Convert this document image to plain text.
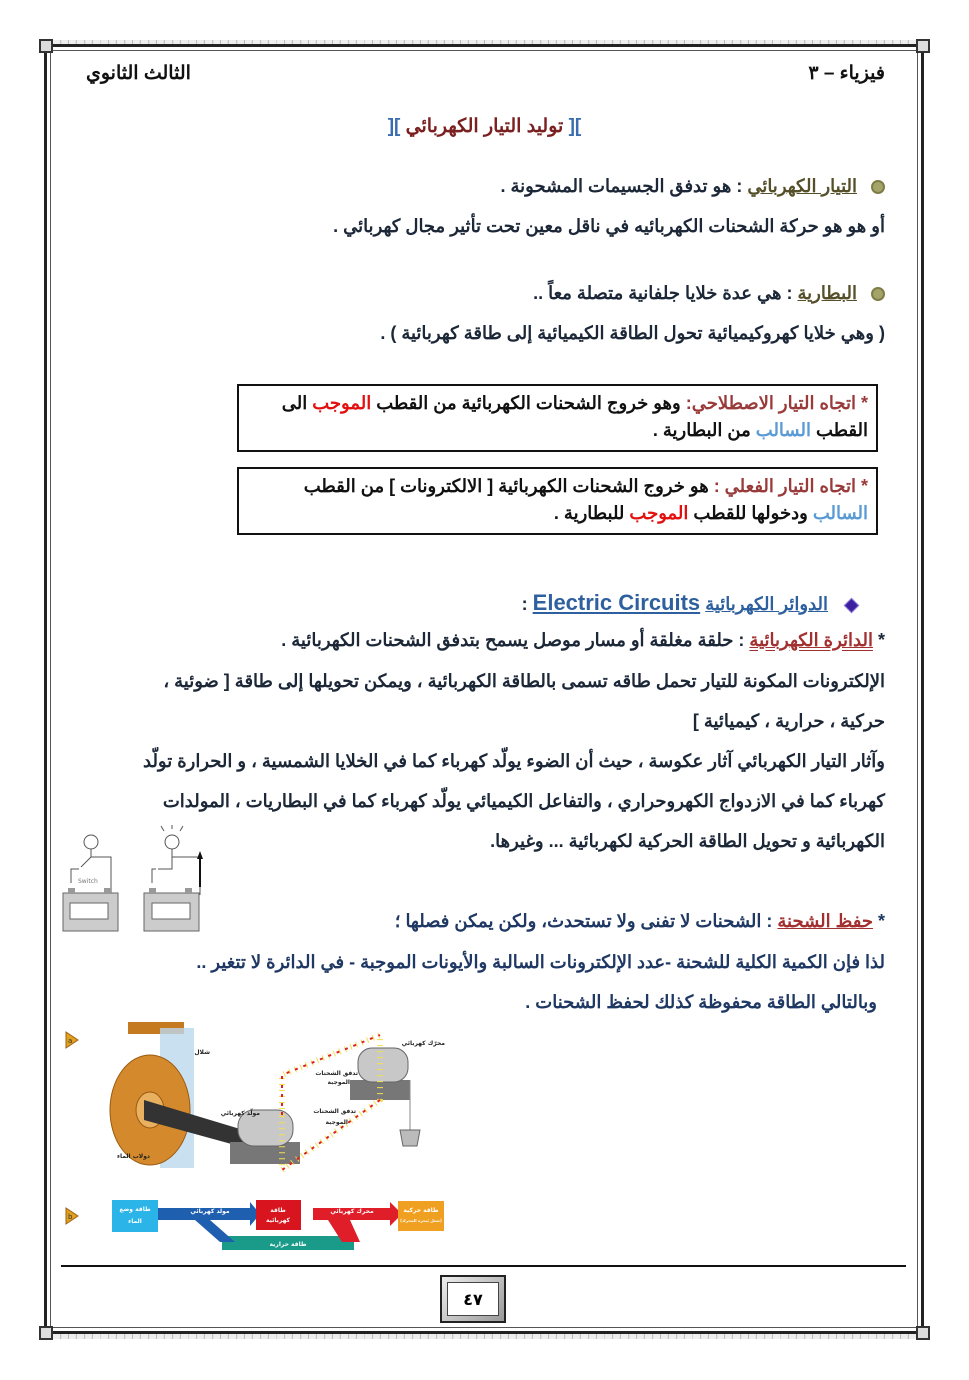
فيزياء – ٣
الثالث الثانوي
][ توليد التيار الكهربائي ][
التيار الكهربائي : هو تدفق الجسيمات المشحونة .
أو هو هو حركة الشحنات الكهربائيه في ناقل معين تحت تأثير مجال كهربائي .
البطارية : هي عدة خلايا جلفانية متصلة معاً ..
( وهي خلايا كهروكيميائية تحول الطاقة الكيميائية إلى طاقة كهربائية ) .
* اتجاه التيار الاصطلاحي: وهو خروج الشحنات الكهربائية من القطب الموجب الى القطب السالب من البطارية .
* اتجاه التيار الفعلي : هو خروج الشحنات الكهربائية [ الالكترونات ] من القطب السالب ودخولها للقطب الموجب للبطارية .
الدوائر الكهربائية Electric Circuits :
* الدائرة الكهربائية : حلقة مغلقة أو مسار موصل يسمح بتدفق الشحنات الكهربائية .
الإلكترونات المكونة للتيار تحمل طاقه تسمى بالطاقة الكهربائية ، ويمكن تحويلها إلى طاقة [ ضوئية ،
حركية ، حرارية ، كيميائية ]
وآثار التيار الكهربائي آثار عكوسة ، حيث أن الضوء يولّد كهرباء كما في الخلايا الشمسية ، و الحرارة تولّد
كهرباء كما في الازدواج الكهروحراري ، والتفاعل الكيميائي يولّد كهرباء كما في البطاريات ، المولدات
الكهربائية و تحويل الطاقة الحركية لكهربائية ... وغيرها.
Switch
* حفظ الشحنة : الشحنات لا تفنى ولا تستحدث، ولكن يمكن فصلها ؛
لذا فإن الكمية الكلية للشحنة -عدد الإلكترونات السالبة والأيونات الموجبة - في الدائرة لا تتغير ..
وبالتالي الطاقة محفوظة كذلك لحفظ الشحنات .
a
شلال
دولاب الماء
مولّد كهربائي
محرّك كهربائي
تدفق الشحنات
الموجبة
تدفق الشحنات
الموجبة
b
طاقة حرارية
طاقة وضع
الماء
مولّد كهربائي	طاقة
كهربائية
محرك كهربائي	طاقة حركية
(شغل يُنجزه المحرك)
٤٧
